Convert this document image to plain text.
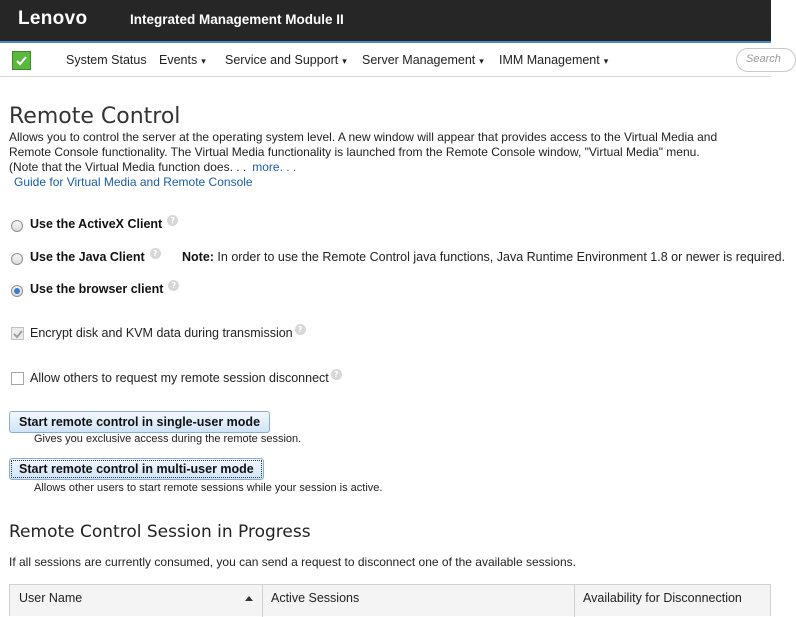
Lenovo	Integrated Management Module II
System Status Events ▾ Service and Support ▾ Server Management ▾ IMM Management ▾	Search
Remote Control
Allows you to control the server at the operating system level. A new window will appear that provides access to the Virtual Media and Remote Console functionality. The Virtual Media functionality is launched from the Remote Console window, "Virtual Media" menu. (Note that the Virtual Media function does. . . more. . .
Guide for Virtual Media and Remote Console
Use the ActiveX Client ?
Use the Java Client ? Note: In order to use the Remote Control java functions, Java Runtime Environment 1.8 or newer is required.
Use the browser client ?
Encrypt disk and KVM data during transmission ?
Allow others to request my remote session disconnect ?
Start remote control in single-user mode
Gives you exclusive access during the remote session.
Start remote control in multi-user mode
Allows other users to start remote sessions while your session is active.
Remote Control Session in Progress
If all sessions are currently consumed, you can send a request to disconnect one of the available sessions.
User Name	Active Sessions	Availability for Disconnection
